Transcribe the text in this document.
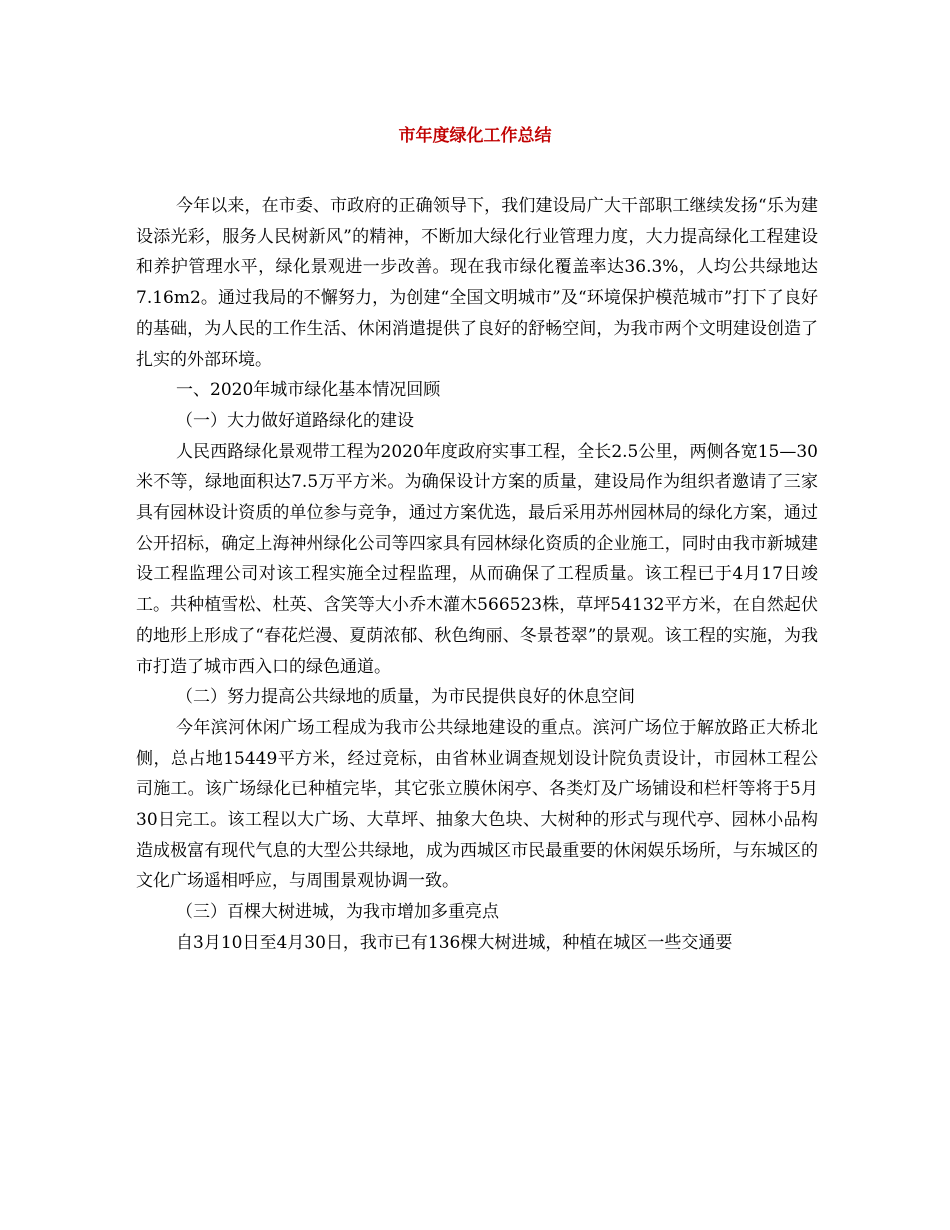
市年度绿化工作总结

今年以来，在市委、市政府的正确领导下，我们建设局广大干部职工继续发扬“乐为建设添光彩，服务人民树新风”的精神，不断加大绿化行业管理力度，大力提高绿化工程建设和养护管理水平，绿化景观进一步改善。现在我市绿化覆盖率达36.3%，人均公共绿地达7.16m2。通过我局的不懈努力，为创建“全国文明城市”及“环境保护模范城市”打下了良好的基础，为人民的工作生活、休闲消遣提供了良好的舒畅空间，为我市两个文明建设创造了扎实的外部环境。

一、2020年城市绿化基本情况回顾

（一）大力做好道路绿化的建设

人民西路绿化景观带工程为2020年度政府实事工程，全长2.5公里，两侧各宽15—30米不等，绿地面积达7.5万平方米。为确保设计方案的质量，建设局作为组织者邀请了三家具有园林设计资质的单位参与竞争，通过方案优选，最后采用苏州园林局的绿化方案，通过公开招标，确定上海神州绿化公司等四家具有园林绿化资质的企业施工，同时由我市新城建设工程监理公司对该工程实施全过程监理，从而确保了工程质量。该工程已于4月17日竣工。共种植雪松、杜英、含笑等大小乔木灌木566523株，草坪54132平方米，在自然起伏的地形上形成了“春花烂漫、夏荫浓郁、秋色绚丽、冬景苍翠”的景观。该工程的实施，为我市打造了城市西入口的绿色通道。

（二）努力提高公共绿地的质量，为市民提供良好的休息空间

今年滨河休闲广场工程成为我市公共绿地建设的重点。滨河广场位于解放路正大桥北侧，总占地15449平方米，经过竞标，由省林业调查规划设计院负责设计，市园林工程公司施工。该广场绿化已种植完毕，其它张立膜休闲亭、各类灯及广场铺设和栏杆等将于5月30日完工。该工程以大广场、大草坪、抽象大色块、大树种的形式与现代亭、园林小品构造成极富有现代气息的大型公共绿地，成为西城区市民最重要的休闲娱乐场所，与东城区的文化广场遥相呼应，与周围景观协调一致。

（三）百棵大树进城，为我市增加多重亮点

自3月10日至4月30日，我市已有136棵大树进城，种植在城区一些交通要
